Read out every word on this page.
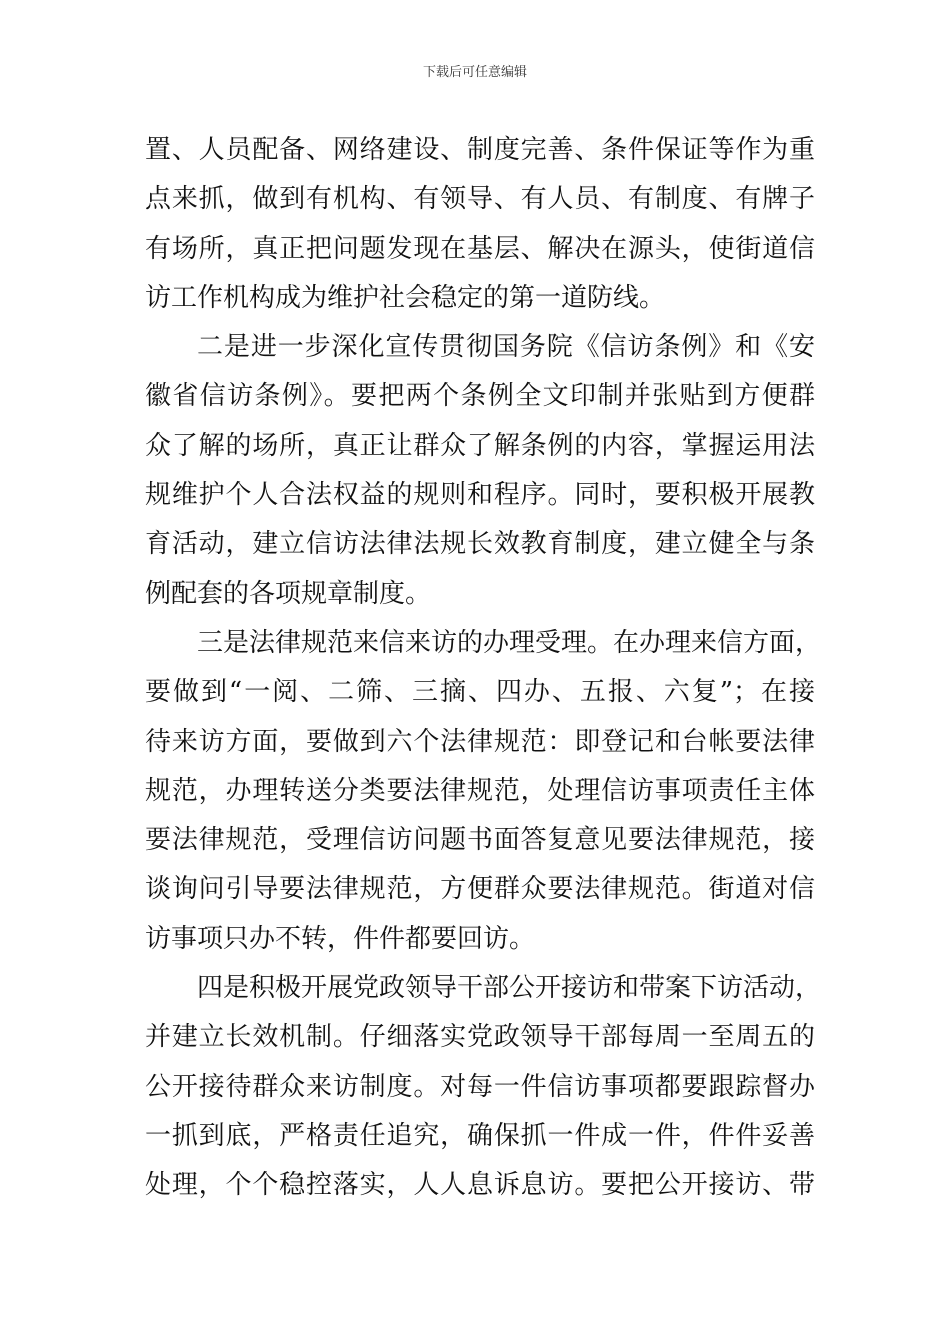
下载后可任意编辑
置、人员配备、网络建设、制度完善、条件保证等作为重
点来抓，做到有机构、有领导、有人员、有制度、有牌子
有场所，真正把问题发现在基层、解决在源头，使街道信
访工作机构成为维护社会稳定的第一道防线。
二是进一步深化宣传贯彻国务院《信访条例》和《安
徽省信访条例》。要把两个条例全文印制并张贴到方便群
众了解的场所，真正让群众了解条例的内容，掌握运用法
规维护个人合法权益的规则和程序。同时，要积极开展教
育活动，建立信访法律法规长效教育制度，建立健全与条
例配套的各项规章制度。
三是法律规范来信来访的办理受理。在办理来信方面，
要做到“一阅、二筛、三摘、四办、五报、六复”；在接
待来访方面，要做到六个法律规范：即登记和台帐要法律
规范，办理转送分类要法律规范，处理信访事项责任主体
要法律规范，受理信访问题书面答复意见要法律规范，接
谈询问引导要法律规范，方便群众要法律规范。街道对信
访事项只办不转，件件都要回访。
四是积极开展党政领导干部公开接访和带案下访活动，
并建立长效机制。仔细落实党政领导干部每周一至周五的
公开接待群众来访制度。对每一件信访事项都要跟踪督办
一抓到底，严格责任追究，确保抓一件成一件，件件妥善
处理，个个稳控落实，人人息诉息访。要把公开接访、带
